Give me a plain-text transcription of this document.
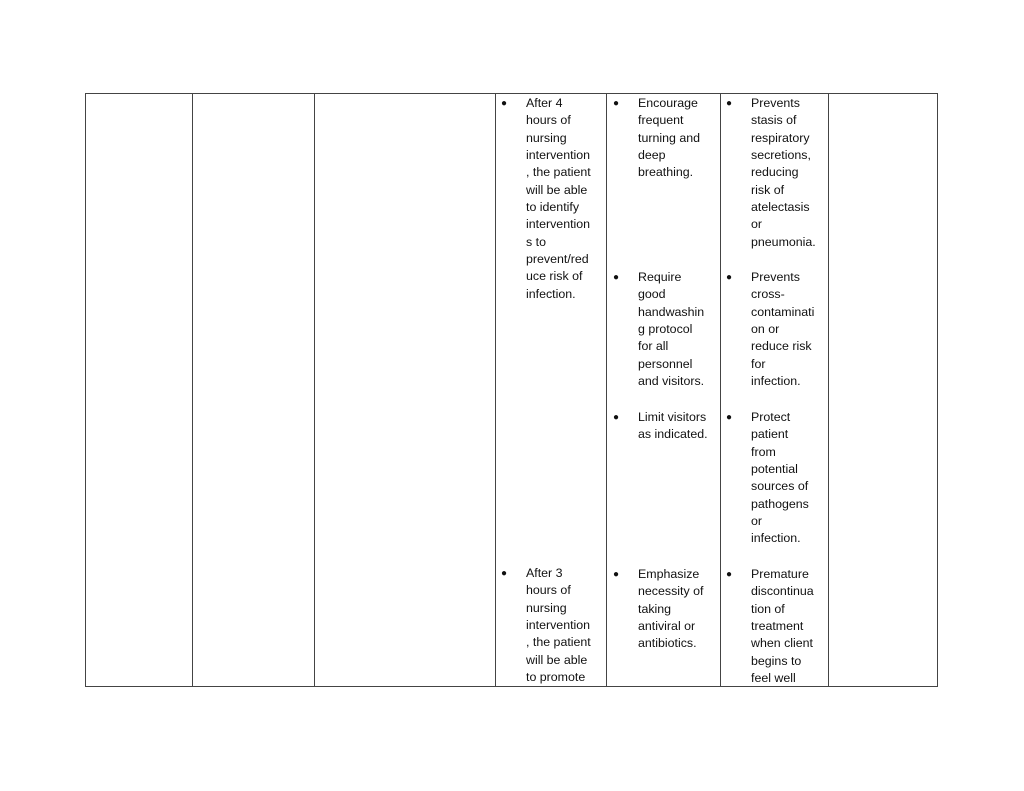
● After 4
hours of
nursing
intervention
, the patient
will be able
to identify
intervention
s to
prevent/red
uce risk of
infection.

● After 3
hours of
nursing
intervention
, the patient
will be able
to promote

● Encourage
frequent
turning and
deep
breathing.

● Require
good
handwashin
g protocol
for all
personnel
and visitors.

● Limit visitors
as indicated.

● Emphasize
necessity of
taking
antiviral or
antibiotics.

● Prevents
stasis of
respiratory
secretions,
reducing
risk of
atelectasis
or
pneumonia.

● Prevents
cross-
contaminati
on or
reduce risk
for
infection.

● Protect
patient
from
potential
sources of
pathogens
or
infection.

● Premature
discontinua
tion of
treatment
when client
begins to
feel well
